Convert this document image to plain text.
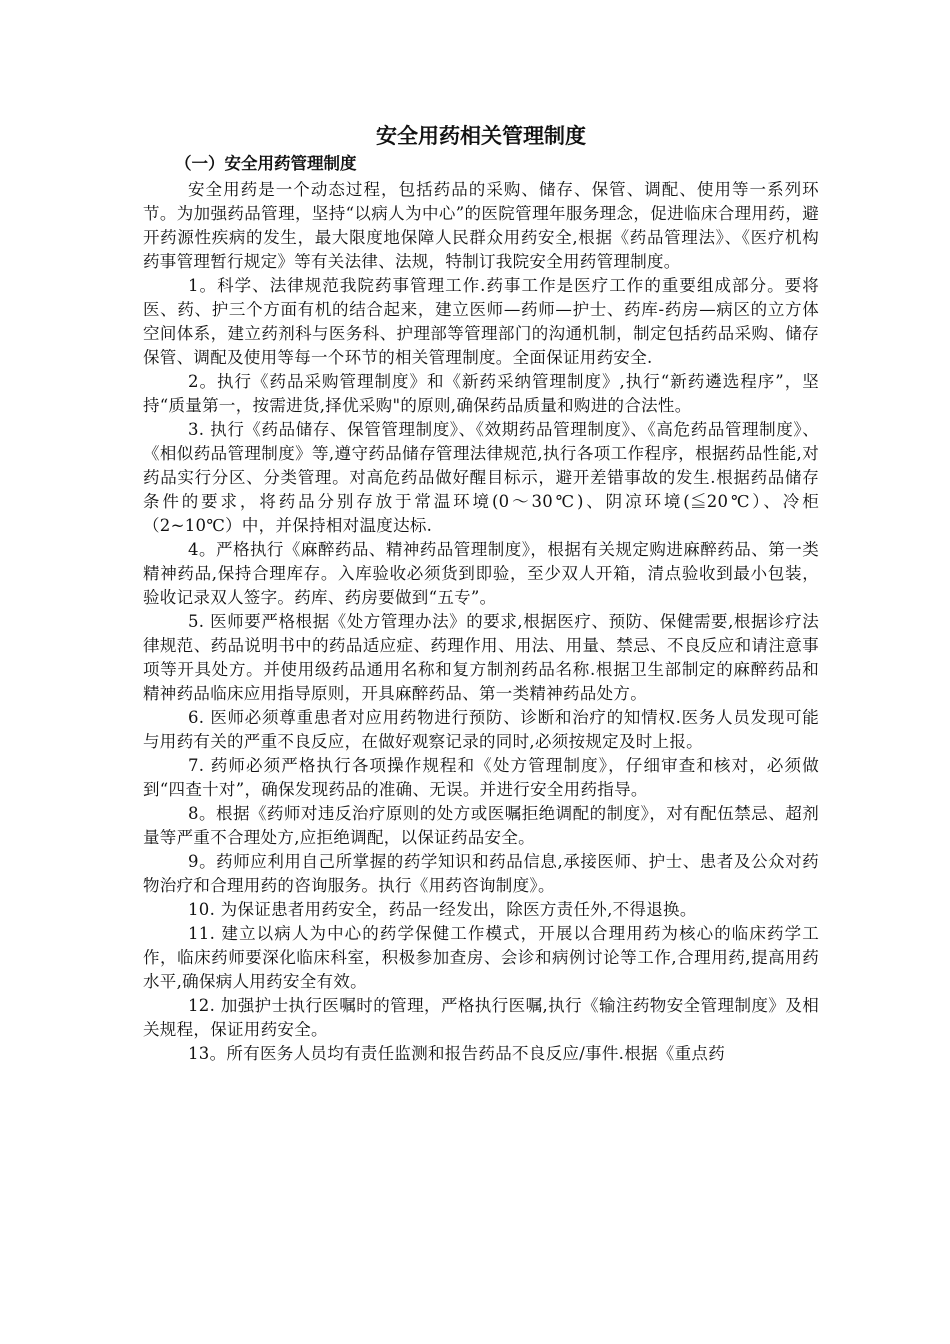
安全用药相关管理制度
（一）安全用药管理制度

安全用药是一个动态过程，包括药品的采购、储存、保管、调配、使用等一系列环节。为加强药品管理，坚持“以病人为中心”的医院管理年服务理念，促进临床合理用药，避开药源性疾病的发生，最大限度地保障人民群众用药安全,根据《药品管理法》、《医疗机构药事管理暂行规定》等有关法律、法规，特制订我院安全用药管理制度。

1。科学、法律规范我院药事管理工作.药事工作是医疗工作的重要组成部分。要将医、药、护三个方面有机的结合起来，建立医师—药师—护士、药库-药房—病区的立方体空间体系，建立药剂科与医务科、护理部等管理部门的沟通机制，制定包括药品采购、储存保管、调配及使用等每一个环节的相关管理制度。全面保证用药安全.

2。执行《药品采购管理制度》和《新药采纳管理制度》,执行“新药遴选程序”，坚持“质量第一，按需进货,择优采购"的原则,确保药品质量和购进的合法性。

3. 执行《药品储存、保管管理制度》、《效期药品管理制度》、《高危药品管理制度》、《相似药品管理制度》等,遵守药品储存管理法律规范,执行各项工作程序，根据药品性能,对药品实行分区、分类管理。对高危药品做好醒目标示，避开差错事故的发生.根据药品储存条件的要求，将药品分别存放于常温环境(0～30℃)、阴凉环境(≦20℃）、冷柜（2~10℃）中，并保持相对温度达标.

4。严格执行《麻醉药品、精神药品管理制度》，根据有关规定购进麻醉药品、第一类精神药品,保持合理库存。入库验收必须货到即验，至少双人开箱，清点验收到最小包装，验收记录双人签字。药库、药房要做到“五专”。

5. 医师要严格根据《处方管理办法》的要求,根据医疗、预防、保健需要,根据诊疗法律规范、药品说明书中的药品适应症、药理作用、用法、用量、禁忌、不良反应和请注意事项等开具处方。并使用级药品通用名称和复方制剂药品名称.根据卫生部制定的麻醉药品和精神药品临床应用指导原则，开具麻醉药品、第一类精神药品处方。

6. 医师必须尊重患者对应用药物进行预防、诊断和治疗的知情权.医务人员发现可能与用药有关的严重不良反应，在做好观察记录的同时,必须按规定及时上报。

7. 药师必须严格执行各项操作规程和《处方管理制度》，仔细审查和核对，必须做到“四查十对”，确保发现药品的准确、无误。并进行安全用药指导。

8。根据《药师对违反治疗原则的处方或医嘱拒绝调配的制度》，对有配伍禁忌、超剂量等严重不合理处方,应拒绝调配，以保证药品安全。

9。药师应利用自己所掌握的药学知识和药品信息,承接医师、护士、患者及公众对药物治疗和合理用药的咨询服务。执行《用药咨询制度》。

10. 为保证患者用药安全，药品一经发出，除医方责任外,不得退换。

11. 建立以病人为中心的药学保健工作模式，开展以合理用药为核心的临床药学工作，临床药师要深化临床科室，积极参加查房、会诊和病例讨论等工作,合理用药,提高用药水平,确保病人用药安全有效。

12. 加强护士执行医嘱时的管理，严格执行医嘱,执行《输注药物安全管理制度》及相关规程，保证用药安全。

13。所有医务人员均有责任监测和报告药品不良反应/事件.根据《重点药
